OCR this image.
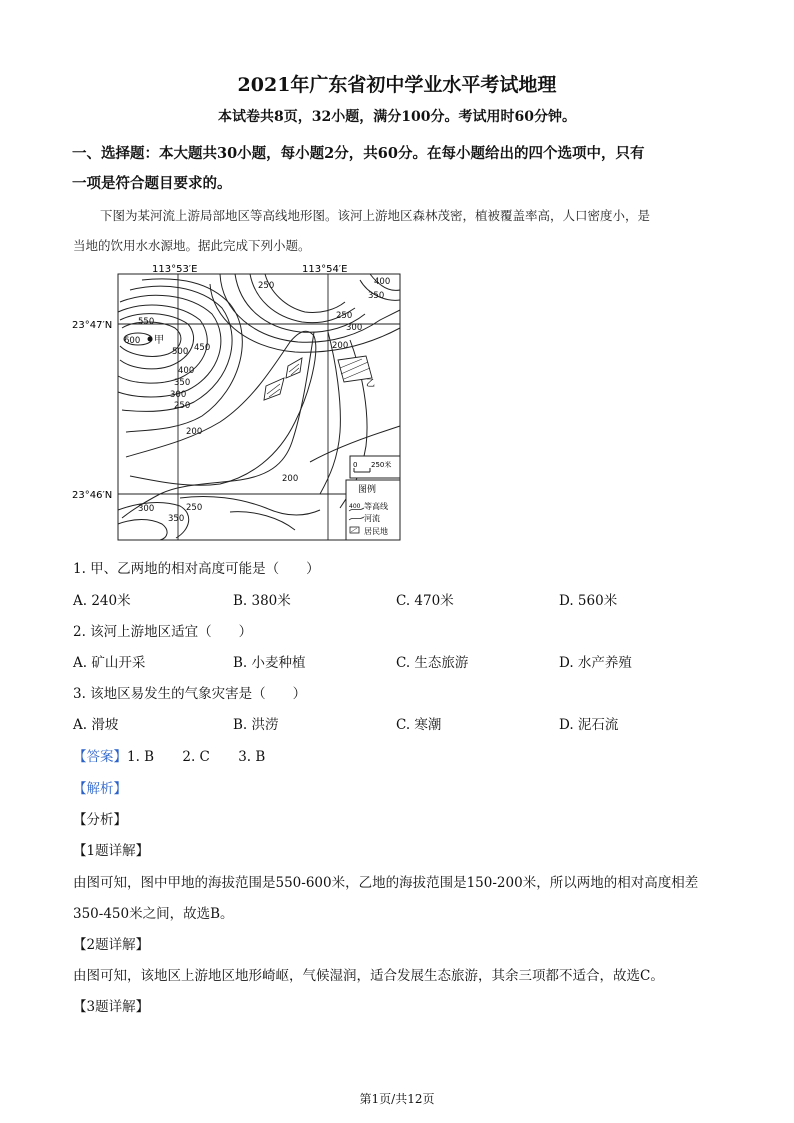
2021年广东省初中学业水平考试地理
本试卷共8页，32小题，满分100分。考试用时60分钟。
一、选择题：本大题共30小题，每小题2分，共60分。在每小题给出的四个选项中，只有
一项是符合题目要求的。
下图为某河流上游局部地区等高线地形图。该河上游地区森林茂密，植被覆盖率高，人口密度小，是
当地的饮用水水源地。据此完成下列小题。
甲
乙
113°53′E	113°54′E
23°47′N
23°46′N
400
350
250
300
250
200
550
600
500 450
400
350
300
250
200
200
300	250
350
0 250米
图例
400 等高线
河流
居民地
1. 甲、乙两地的相对高度可能是（　　）
A. 240米	B. 380米	C. 470米	D. 560米
2. 该河上游地区适宜（　　）
A. 矿山开采	B. 小麦种植	C. 生态旅游	D. 水产养殖
3. 该地区易发生的气象灾害是（　　）
A. 滑坡	B. 洪涝	C. 寒潮	D. 泥石流
【答案】1. B 2. C 3. B
【解析】
【分析】
【1题详解】
由图可知，图中甲地的海拔范围是550-600米，乙地的海拔范围是150-200米，所以两地的相对高度相差
350-450米之间，故选B。
【2题详解】
由图可知，该地区上游地区地形崎岖，气候湿润，适合发展生态旅游，其余三项都不适合，故选C。
【3题详解】
第1页/共12页
